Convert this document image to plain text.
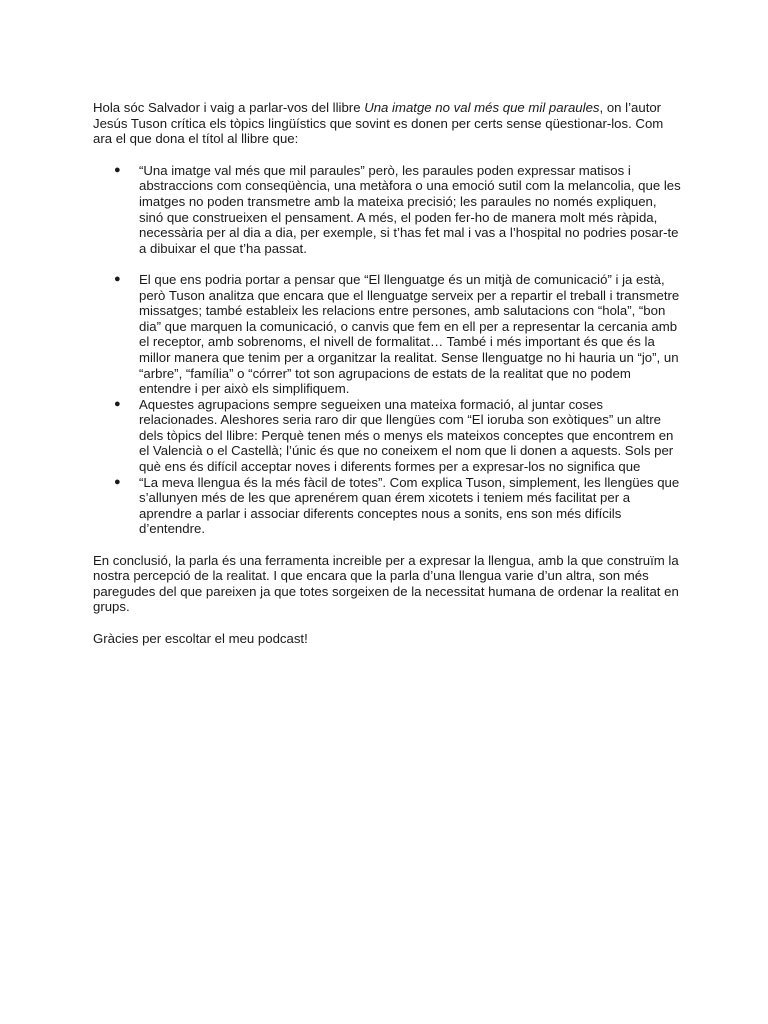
Hola sóc Salvador i vaig a parlar-vos del llibre Una imatge no val més que mil paraules, on l’autor Jesús Tuson crítica els tòpics lingüístics que sovint es donen per certs sense qüestionar-los. Com ara el que dona el títol al llibre que:

● “Una imatge val més que mil paraules” però, les paraules poden expressar matisos i abstraccions com conseqüència, una metàfora o una emoció sutil com la melancolia, que les imatges no poden transmetre amb la mateixa precisió; les paraules no només expliquen, sinó que construeixen el pensament. A més, el poden fer-ho de manera molt més ràpida, necessària per al dia a dia, per exemple, si t’has fet mal i vas a l’hospital no podries posar-te a dibuixar el que t’ha passat.
● El que ens podria portar a pensar que “El llenguatge és un mitjà de comunicació” i ja està, però Tuson analitza que encara que el llenguatge serveix per a repartir el treball i transmetre missatges; també estableix les relacions entre persones, amb salutacions con “hola”, “bon dia” que marquen la comunicació, o canvis que fem en ell per a representar la cercania amb el receptor, amb sobrenoms, el nivell de formalitat… També i més important és que és la millor manera que tenim per a organitzar la realitat. Sense llenguatge no hi hauria un “jo”, un “arbre”, “família” o “córrer” tot son agrupacions de estats de la realitat que no podem entendre i per això els simplifiquem.
● Aquestes agrupacions sempre segueixen una mateixa formació, al juntar coses relacionades. Aleshores seria raro dir que llengües com “El ioruba son exòtiques” un altre dels tòpics del llibre: Perquè tenen més o menys els mateixos conceptes que encontrem en el Valencià o el Castellà; l’únic és que no coneixem el nom que li donen a aquests. Sols per què ens és difícil acceptar noves i diferents formes per a expresar-los no significa que
● “La meva llengua és la més fàcil de totes”. Com explica Tuson, simplement, les llengües que s’allunyen més de les que aprenérem quan érem xicotets i teniem més facilitat per a aprendre a parlar i associar diferents conceptes nous a sonits, ens son més difícils d’entendre.

En conclusió, la parla és una ferramenta increible per a expresar la llengua, amb la que construïm la nostra percepció de la realitat. I que encara que la parla d’una llengua varie d’un altra, son més paregudes del que pareixen ja que totes sorgeixen de la necessitat humana de ordenar la realitat en grups.

Gràcies per escoltar el meu podcast!
